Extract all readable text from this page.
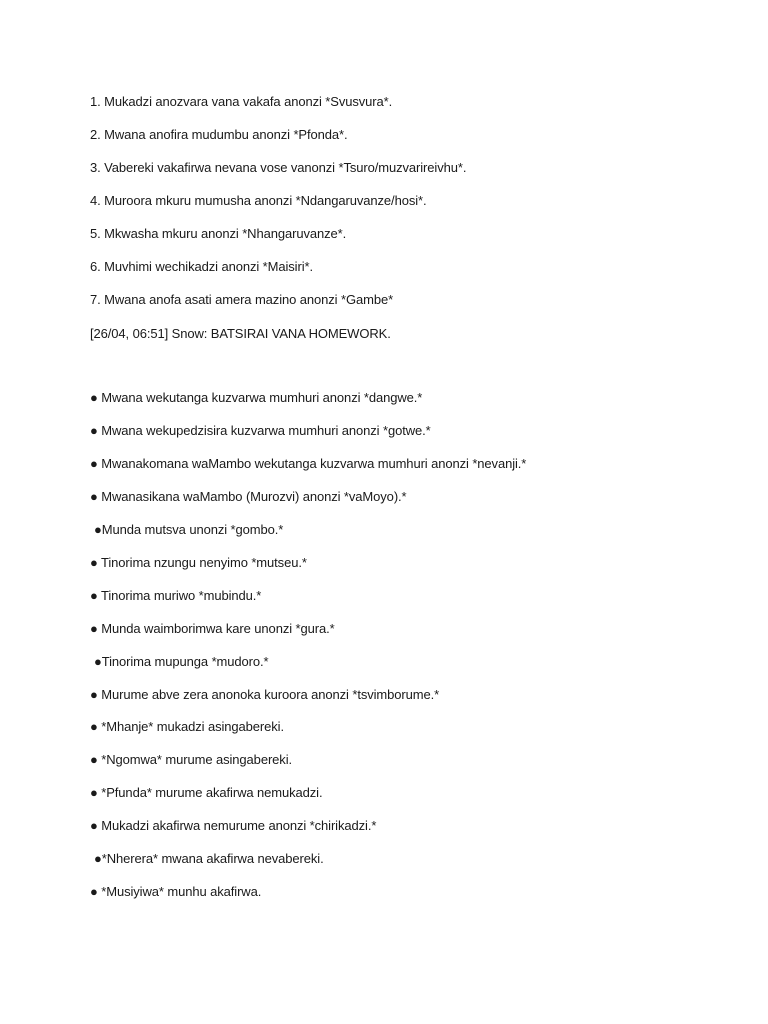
1. Mukadzi anozvara vana vakafa anonzi *Svusvura*.
2. Mwana anofira mudumbu anonzi *Pfonda*.
3. Vabereki vakafirwa nevana vose vanonzi *Tsuro/muzvarireivhu*.
4. Muroora mkuru mumusha anonzi *Ndangaruvanze/hosi*.
5. Mkwasha mkuru anonzi *Nhangaruvanze*.
6. Muvhimi wechikadzi anonzi *Maisiri*.
7. Mwana anofa asati amera mazino anonzi *Gambe*
[26/04, 06:51] Snow: BATSIRAI VANA HOMEWORK.
● Mwana wekutanga kuzvarwa mumhuri anonzi *dangwe.*
● Mwana wekupedzisira kuzvarwa mumhuri anonzi *gotwe.*
● Mwanakomana waMambo wekutanga kuzvarwa mumhuri anonzi *nevanji.*
● Mwanasikana waMambo (Murozvi) anonzi *vaMoyo).*
●Munda mutsva unonzi *gombo.*
● Tinorima nzungu nenyimo *mutseu.*
● Tinorima muriwo *mubindu.*
● Munda waimborimwa kare unonzi *gura.*
●Tinorima mupunga *mudoro.*
● Murume abve zera anonoka kuroora anonzi *tsvimborume.*
● *Mhanje* mukadzi asingabereki.
● *Ngomwa* murume asingabereki.
● *Pfunda* murume akafirwa nemukadzi.
● Mukadzi akafirwa nemurume anonzi *chirikadzi.*
●*Nherera* mwana akafirwa nevabereki.
● *Musiyiwa* munhu akafirwa.
